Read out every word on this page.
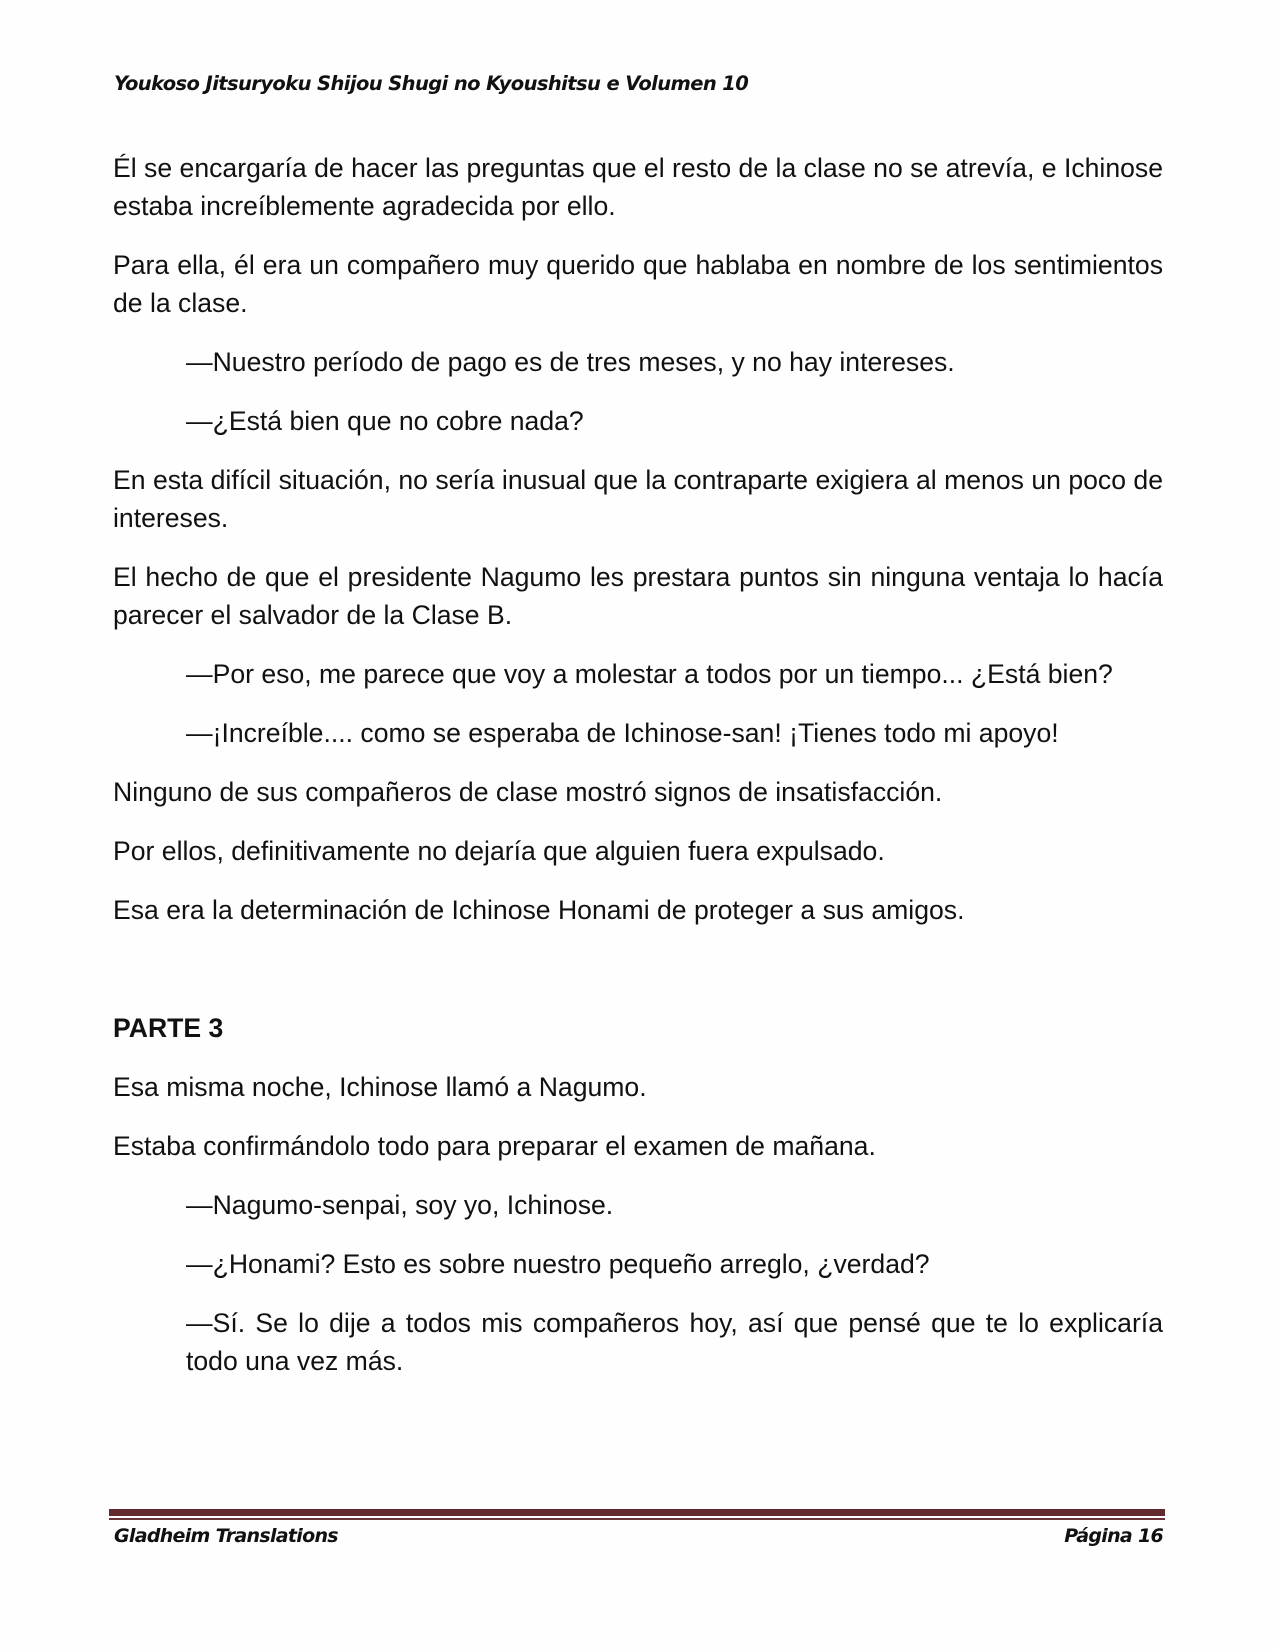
Youkoso Jitsuryoku Shijou Shugi no Kyoushitsu e Volumen 10

Él se encargaría de hacer las preguntas que el resto de la clase no se atrevía, e Ichinose estaba increíblemente agradecida por ello.

Para ella, él era un compañero muy querido que hablaba en nombre de los sentimientos de la clase.

—Nuestro período de pago es de tres meses, y no hay intereses.

—¿Está bien que no cobre nada?

En esta difícil situación, no sería inusual que la contraparte exigiera al menos un poco de intereses.

El hecho de que el presidente Nagumo les prestara puntos sin ninguna ventaja lo hacía parecer el salvador de la Clase B.

—Por eso, me parece que voy a molestar a todos por un tiempo... ¿Está bien?

—¡Increíble.... como se esperaba de Ichinose-san! ¡Tienes todo mi apoyo!

Ninguno de sus compañeros de clase mostró signos de insatisfacción.

Por ellos, definitivamente no dejaría que alguien fuera expulsado.

Esa era la determinación de Ichinose Honami de proteger a sus amigos.

PARTE 3

Esa misma noche, Ichinose llamó a Nagumo.

Estaba confirmándolo todo para preparar el examen de mañana.

—Nagumo-senpai, soy yo, Ichinose.

—¿Honami? Esto es sobre nuestro pequeño arreglo, ¿verdad?

—Sí. Se lo dije a todos mis compañeros hoy, así que pensé que te lo explicaría todo una vez más.

Gladheim Translations	Página 16
